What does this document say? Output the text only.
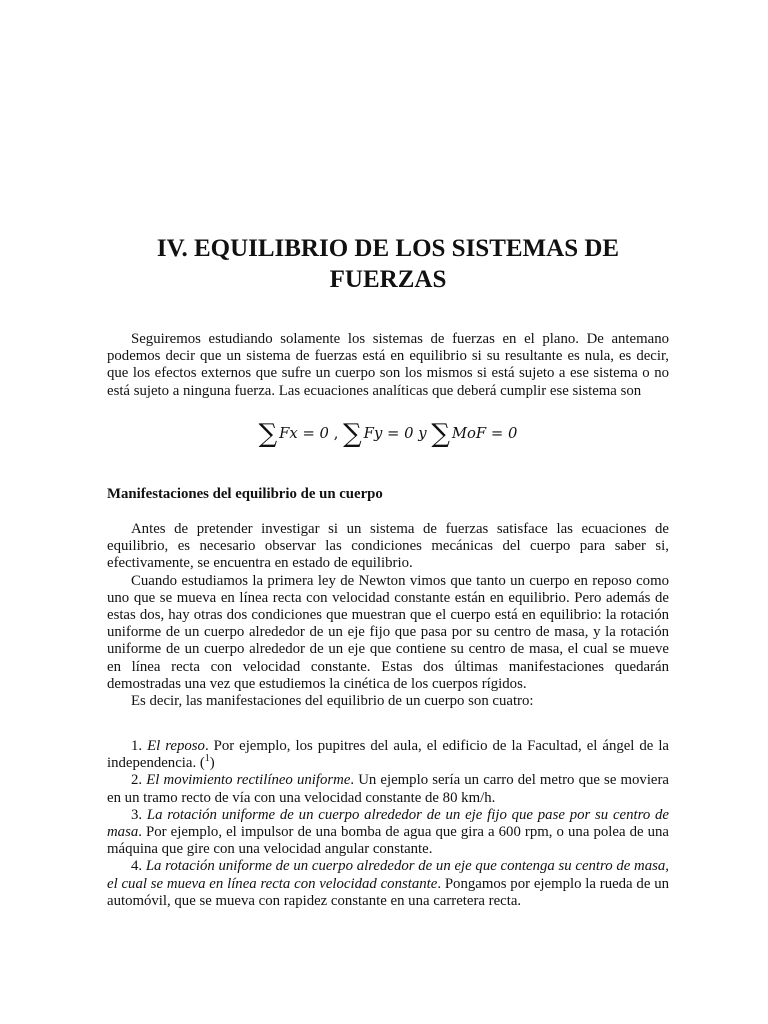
IV. EQUILIBRIO DE LOS SISTEMAS DE
FUERZAS

Seguiremos estudiando solamente los sistemas de fuerzas en el plano. De antemano podemos decir que un sistema de fuerzas está en equilibrio si su resultante es nula, es decir, que los efectos externos que sufre un cuerpo son los mismos si está sujeto a ese sistema o no está sujeto a ninguna fuerza. Las ecuaciones analíticas que deberá cumplir ese sistema son

∑ Fx = 0 , ∑ Fy = 0 y ∑ MoF = 0
Manifestaciones del equilibrio de un cuerpo

Antes de pretender investigar si un sistema de fuerzas satisface las ecuaciones de equilibrio, es necesario observar las condiciones mecánicas del cuerpo para saber si, efectivamente, se encuentra en estado de equilibrio.

Cuando estudiamos la primera ley de Newton vimos que tanto un cuerpo en reposo como uno que se mueva en línea recta con velocidad constante están en equilibrio. Pero además de estas dos, hay otras dos condiciones que muestran que el cuerpo está en equilibrio: la rotación uniforme de un cuerpo alrededor de un eje fijo que pasa por su centro de masa, y la rotación uniforme de un cuerpo alrededor de un eje que contiene su centro de masa, el cual se mueve en línea recta con velocidad constante. Estas dos últimas manifestaciones quedarán demostradas una vez que estudiemos la cinética de los cuerpos rígidos.

Es decir, las manifestaciones del equilibrio de un cuerpo son cuatro:

1. El reposo. Por ejemplo, los pupitres del aula, el edificio de la Facultad, el ángel de la independencia. ($^1$)

2. El movimiento rectilíneo uniforme. Un ejemplo sería un carro del metro que se moviera en un tramo recto de vía con una velocidad constante de 80 km/h.

3. La rotación uniforme de un cuerpo alrededor de un eje fijo que pase por su centro de masa. Por ejemplo, el impulsor de una bomba de agua que gira a 600 rpm, o una polea de una máquina que gire con una velocidad angular constante.

4. La rotación uniforme de un cuerpo alrededor de un eje que contenga su centro de masa, el cual se mueva en línea recta con velocidad constante. Pongamos por ejemplo la rueda de un automóvil, que se mueva con rapidez constante en una carretera recta.
